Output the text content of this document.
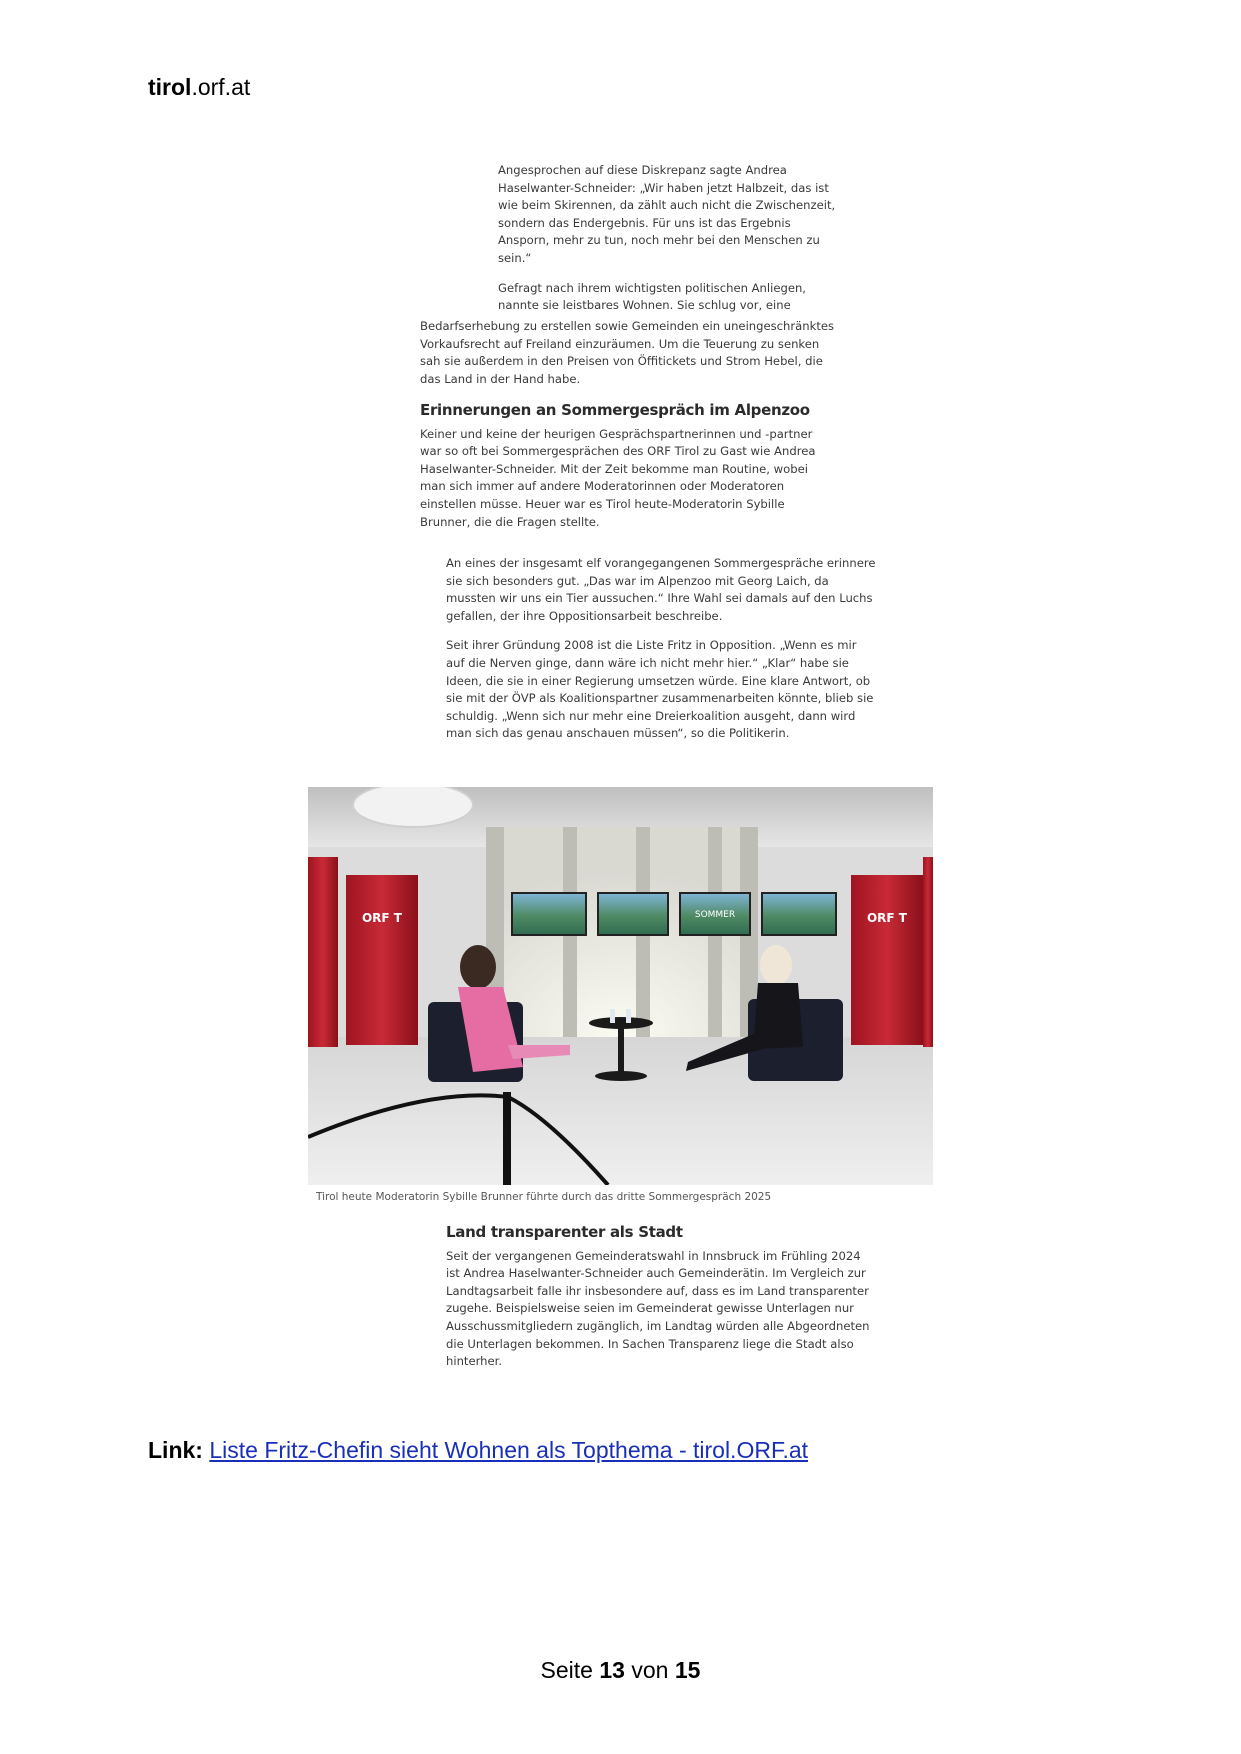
tirol.orf.at

Angesprochen auf diese Diskrepanz sagte Andrea Haselwanter-Schneider: „Wir haben jetzt Halbzeit, das ist wie beim Skirennen, da zählt auch nicht die Zwischenzeit, sondern das Endergebnis. Für uns ist das Ergebnis Ansporn, mehr zu tun, noch mehr bei den Menschen zu sein.“

Gefragt nach ihrem wichtigsten politischen Anliegen, nannte sie leistbares Wohnen. Sie schlug vor, eine

Bedarfserhebung zu erstellen sowie Gemeinden ein uneingeschränktes Vorkaufsrecht auf Freiland einzuräumen. Um die Teuerung zu senken sah sie außerdem in den Preisen von Öffitickets und Strom Hebel, die das Land in der Hand habe.

Erinnerungen an Sommergespräch im Alpenzoo

Keiner und keine der heurigen Gesprächspartnerinnen und -partner war so oft bei Sommergesprächen des ORF Tirol zu Gast wie Andrea Haselwanter-Schneider. Mit der Zeit bekomme man Routine, wobei man sich immer auf andere Moderatorinnen oder Moderatoren einstellen müsse. Heuer war es Tirol heute-Moderatorin Sybille Brunner, die die Fragen stellte.

An eines der insgesamt elf vorangegangenen Sommergespräche erinnere sie sich besonders gut. „Das war im Alpenzoo mit Georg Laich, da mussten wir uns ein Tier aussuchen.“ Ihre Wahl sei damals auf den Luchs gefallen, der ihre Oppositionsarbeit beschreibe.

Seit ihrer Gründung 2008 ist die Liste Fritz in Opposition. „Wenn es mir auf die Nerven ginge, dann wäre ich nicht mehr hier.“ „Klar“ habe sie Ideen, die sie in einer Regierung umsetzen würde. Eine klare Antwort, ob sie mit der ÖVP als Koalitionspartner zusammenarbeiten könnte, blieb sie schuldig. „Wenn sich nur mehr eine Dreierkoalition ausgeht, dann wird man sich das genau anschauen müssen“, so die Politikerin.

SOMMER
ORF T	ORF T
Tirol heute Moderatorin Sybille Brunner führte durch das dritte Sommergespräch 2025
Land transparenter als Stadt

Seit der vergangenen Gemeinderatswahl in Innsbruck im Frühling 2024 ist Andrea Haselwanter-Schneider auch Gemeinderätin. Im Vergleich zur Landtagsarbeit falle ihr insbesondere auf, dass es im Land transparenter zugehe. Beispielsweise seien im Gemeinderat gewisse Unterlagen nur Ausschussmitgliedern zugänglich, im Landtag würden alle Abgeordneten die Unterlagen bekommen. In Sachen Transparenz liege die Stadt also hinterher.

Link: Liste Fritz-Chefin sieht Wohnen als Topthema - tirol.ORF.at
Seite 13 von 15
